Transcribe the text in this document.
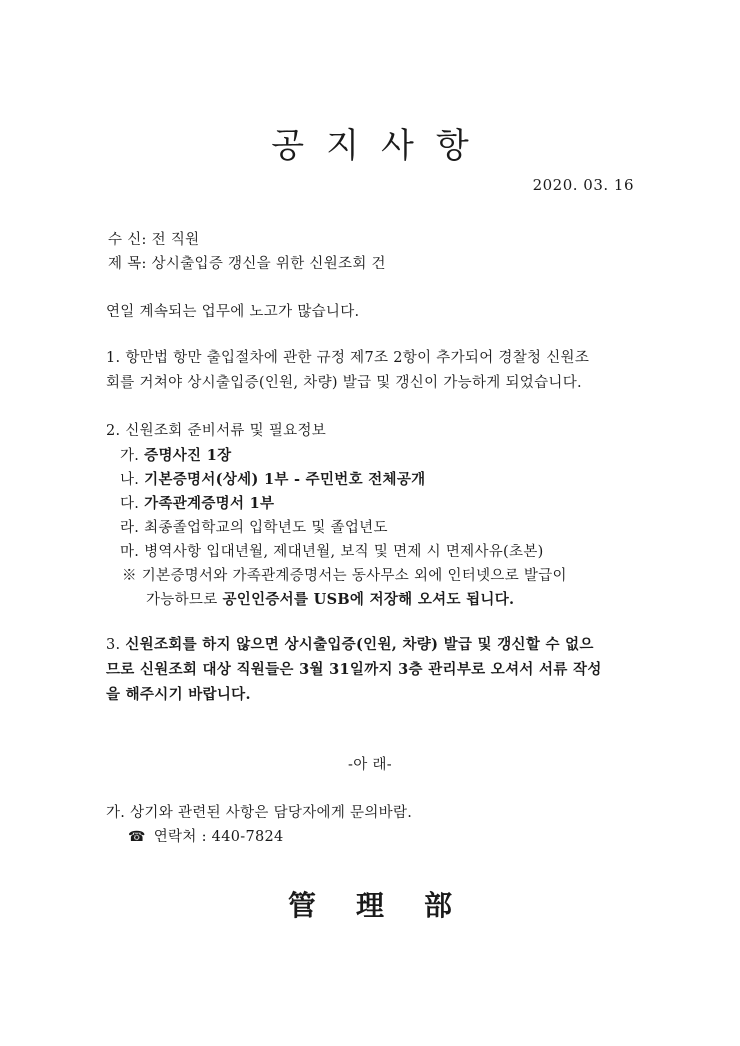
공지사항
2020. 03. 16
수 신: 전 직원
제 목: 상시출입증 갱신을 위한 신원조회 건
연일 계속되는 업무에 노고가 많습니다.
1. 항만법 항만 출입절차에 관한 규정 제7조 2항이 추가되어 경찰청 신원조
회를 거쳐야 상시출입증(인원, 차량) 발급 및 갱신이 가능하게 되었습니다.
2. 신원조회 준비서류 및 필요정보
가. 증명사진 1장
나. 기본증명서(상세) 1부 - 주민번호 전체공개
다. 가족관계증명서 1부
라. 최종졸업학교의 입학년도 및 졸업년도
마. 병역사항 입대년월, 제대년월, 보직 및 면제 시 면제사유(초본)
※ 기본증명서와 가족관계증명서는 동사무소 외에 인터넷으로 발급이
가능하므로 공인인증서를 USB에 저장해 오셔도 됩니다.
3. 신원조회를 하지 않으면 상시출입증(인원, 차량) 발급 및 갱신할 수 없으
므로 신원조회 대상 직원들은 3월 31일까지 3층 관리부로 오셔서 서류 작성
을 해주시기 바랍니다.
-아 래-
가. 상기와 관련된 사항은 담당자에게 문의바람.
☎ 연락처 : 440-7824
管理部
